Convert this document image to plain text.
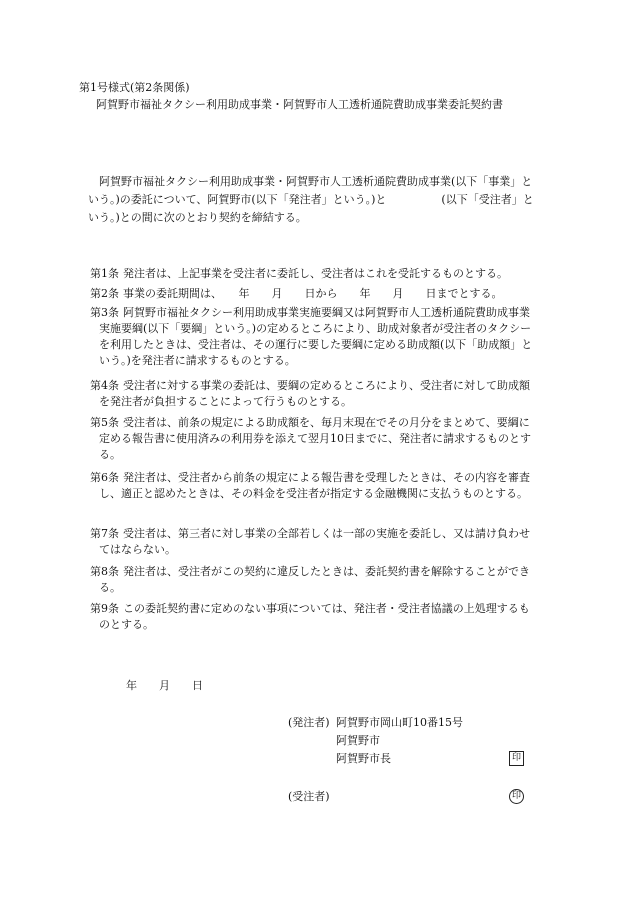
第1号様式(第2条関係)
阿賀野市福祉タクシー利用助成事業・阿賀野市人工透析通院費助成事業委託契約書
阿賀野市福祉タクシー利用助成事業・阿賀野市人工透析通院費助成事業(以下「事業」という。)の委託について、阿賀野市(以下「発注者」という。)と　　　　　(以下「受注者」という。)との間に次のとおり契約を締結する。
第1条 発注者は、上記事業を受注者に委託し、受注者はこれを受託するものとする。
第2条 事業の委託期間は、　　年　　月　　日から　　年　　月　　日までとする。
第3条 阿賀野市福祉タクシー利用助成事業実施要綱又は阿賀野市人工透析通院費助成事業実施要綱(以下「要綱」という。)の定めるところにより、助成対象者が受注者のタクシーを利用したときは、受注者は、その運行に要した要綱に定める助成額(以下「助成額」という。)を発注者に請求するものとする。
第4条 受注者に対する事業の委託は、要綱の定めるところにより、受注者に対して助成額を発注者が負担することによって行うものとする。
第5条 受注者は、前条の規定による助成額を、毎月末現在でその月分をまとめて、要綱に定める報告書に使用済みの利用券を添えて翌月10日までに、発注者に請求するものとする。
第6条 発注者は、受注者から前条の規定による報告書を受理したときは、その内容を審査し、適正と認めたときは、その料金を受注者が指定する金融機関に支払うものとする。
第7条 受注者は、第三者に対し事業の全部若しくは一部の実施を委託し、又は請け負わせてはならない。
第8条 発注者は、受注者がこの契約に違反したときは、委託契約書を解除することができる。
第9条 この委託契約書に定めのない事項については、発注者・受注者協議の上処理するものとする。
年　　月　　日
(発注者) 阿賀野市岡山町10番15号
阿賀野市
阿賀野市長	印
(受注者)	印
